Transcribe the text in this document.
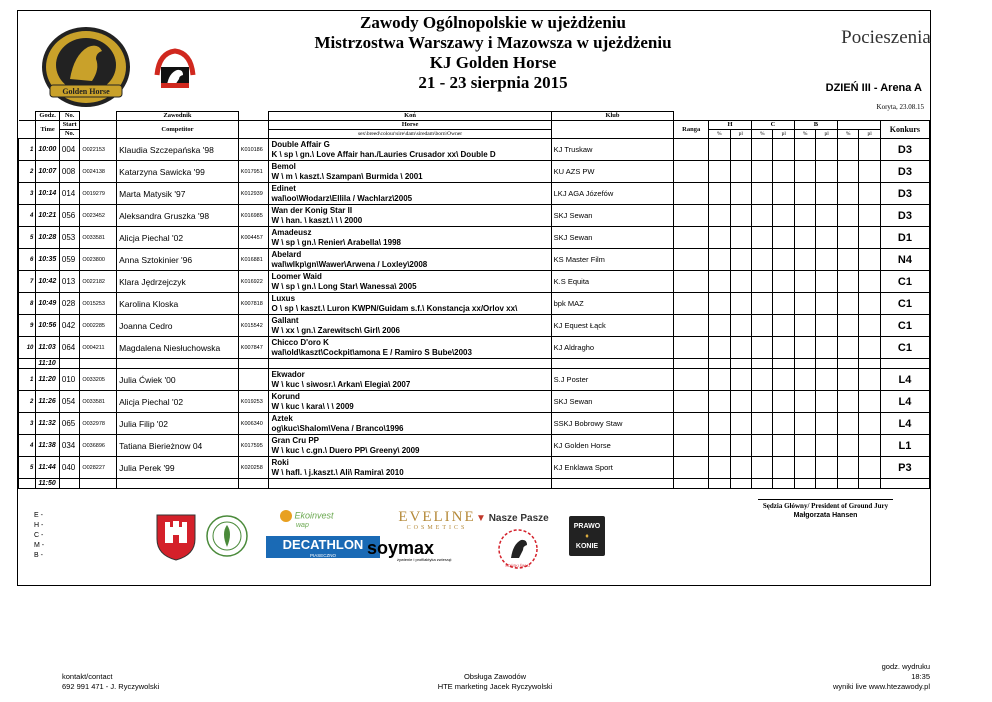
Golden Horse
Zawody Ogólnopolskie w ujeżdżeniu
Mistrzostwa Warszawy i Mazowsza w ujeżdżeniu
KJ Golden Horse
21 - 23 sierpnia 2015
Pocieszenia
DZIEŃ III - Arena A
Koryta, 23.08.15
	Godz.	No.		Zawodnik		Koń	Klub										
	Time	Start		Competitor		Horse		Ranga	H		C		B				Konkurs
		No.				sex\breed\colour\sire\dam\siredam\born\Owner			%	pl	%	pl	%	pl	%	pl	
1	10:00	004	O022153	Klaudia Szczepańska '98	K010186	Double Affair G
K \ sp \ gn.\ Love Affair han./Lauries Crusador xx\ Double D	KJ Truskaw										D3
2	10:07	008	O024138	Katarzyna Sawicka '99	K017951	Bemol
W \ m \ kaszt.\ Szampan\ Burmida \ 2001	KU AZS PW										D3
3	10:14	014	O019279	Marta Matysik '97	K012939	Edinet
wal\oo\Włodarz\Ellila / Wachlarz\2005	LKJ AGA Józefów										D3
4	10:21	056	O023452	Aleksandra Gruszka '98	K016985	Wan der Konig Star II
W \ han. \ kaszt.\ \ \ 2000	SKJ Sewan										D3
5	10:28	053	O033581	Alicja Piechal '02	K004457	Amadeusz
W \ sp \ gn.\ Renier\ Arabella\ 1998	SKJ Sewan										D1
6	10:35	059	O023800	Anna Sztokinier '96	K016881	Abelard
wal\wlkp\gn\Wawer\Arwena / Loxley\2008	KS Master Film										N4
7	10:42	013	O022182	Klara Jędrzejczyk	K016922	Loomer Waid
W \ sp \ gn.\ Long Star\ Wanessa\ 2005	K.S Equita										C1
8	10:49	028	O015253	Karolina Kloska	K007818	Luxus
O \ sp \ kaszt.\ Luron KWPN/Guidam s.f.\ Konstancja xx/Orlov xx\	bpk MAZ										C1
9	10:56	042	O002285	Joanna Cedro	K015542	Gallant
W \ xx \ gn.\ Zarewitsch\ Girl\ 2006	KJ Equest Łąck										C1
10	11:03	064	O004211	Magdalena Niesłuchowska	K007847	Chicco D'oro K
wal\old\kaszt\Cockpit\amona E / Ramiro S Bube\2003	KJ Aldragho										C1
	11:10																
1	11:20	010	O033205	Julia Ćwiek '00		Ekwador
W \ kuc \ siwosr.\ Arkan\ Elegia\ 2007	S.J Poster										L4
2	11:26	054	O033581	Alicja Piechal '02	K019253	Korund
W \ kuc \ kara\ \ \ 2009	SKJ Sewan										L4
3	11:32	065	O032978	Julia Filip '02	K006340	Aztek
og\kuc\Shalom\Vena / Branco\1996	SSKJ Bobrowy Staw										L4
4	11:38	034	O036896	Tatiana Bierieżnow 04	K017595	Gran Cru PP
W \ kuc \ c.gn.\ Duero PP\ Greeny\ 2009	KJ Golden Horse										L1
5	11:44	040	O028227	Julia Perek '99	K020258	Roki
W \ hafl. \ j.kaszt.\ Ali\ Ramira\ 2010	KJ Enklawa Sport										P3
	11:50																
E -
H -
C -
M -
B -
Ekoinvest
wap
DECATHLON
PIASECZNO
EVELINE
COSMETICS
soymax
żywienie i profilaktyka zwierząt
▼ Nasze Pasze
KOŃSKI ŚWIAT
PRAWO
♦
KONIE
Sędzia Główny/ President of Ground Jury
Małgorzata Hansen
kontakt/contact
692 991 471 - J. Ryczywolski
Obsługa Zawodów
HTE marketing Jacek Ryczywolski
godz. wydruku
18:35
wyniki live www.htezawody.pl
